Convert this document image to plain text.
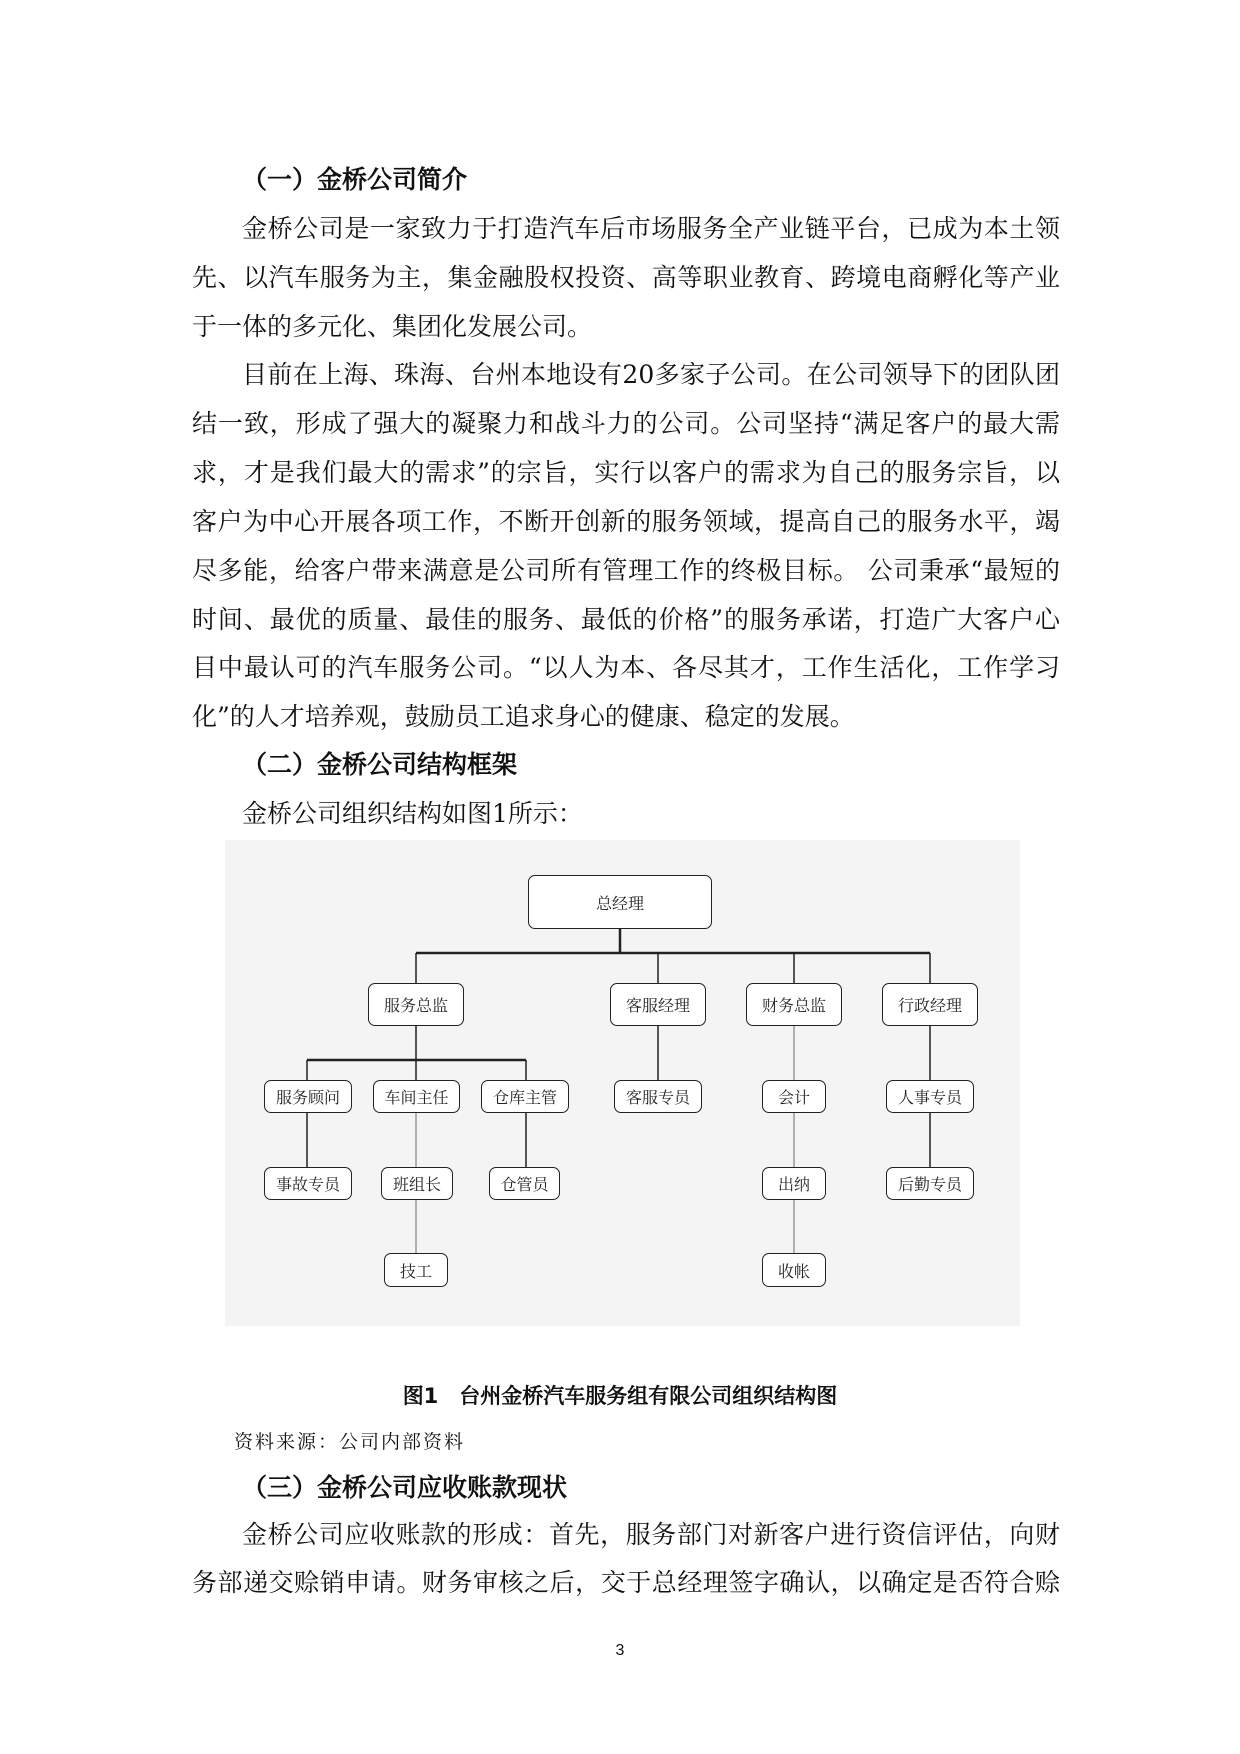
（一）金桥公司简介
金桥公司是一家致力于打造汽车后市场服务全产业链平台，已成为本土领
先、以汽车服务为主，集金融股权投资、高等职业教育、跨境电商孵化等产业
于一体的多元化、集团化发展公司。
目前在上海、珠海、台州本地设有20多家子公司。在公司领导下的团队团
结一致，形成了强大的凝聚力和战斗力的公司。公司坚持“满足客户的最大需
求，才是我们最大的需求”的宗旨，实行以客户的需求为自己的服务宗旨，以
客户为中心开展各项工作，不断开创新的服务领域，提高自己的服务水平，竭
尽多能，给客户带来满意是公司所有管理工作的终极目标。 公司秉承“最短的
时间、最优的质量、最佳的服务、最低的价格”的服务承诺，打造广大客户心
目中最认可的汽车服务公司。“以人为本、各尽其才，工作生活化，工作学习
化”的人才培养观，鼓励员工追求身心的健康、稳定的发展。
（二）金桥公司结构框架
金桥公司组织结构如图1所示：
总经理
服务总监	客服经理	财务总监	行政经理
服务顾问	车间主任	仓库主管	客服专员	会计	人事专员
事故专员	班组长	仓管员	出纳	后勤专员
技工	收帐
图1　台州金桥汽车服务组有限公司组织结构图
资料来源：公司内部资料
（三）金桥公司应收账款现状
金桥公司应收账款的形成：首先，服务部门对新客户进行资信评估，向财
务部递交赊销申请。财务审核之后，交于总经理签字确认，以确定是否符合赊
3
